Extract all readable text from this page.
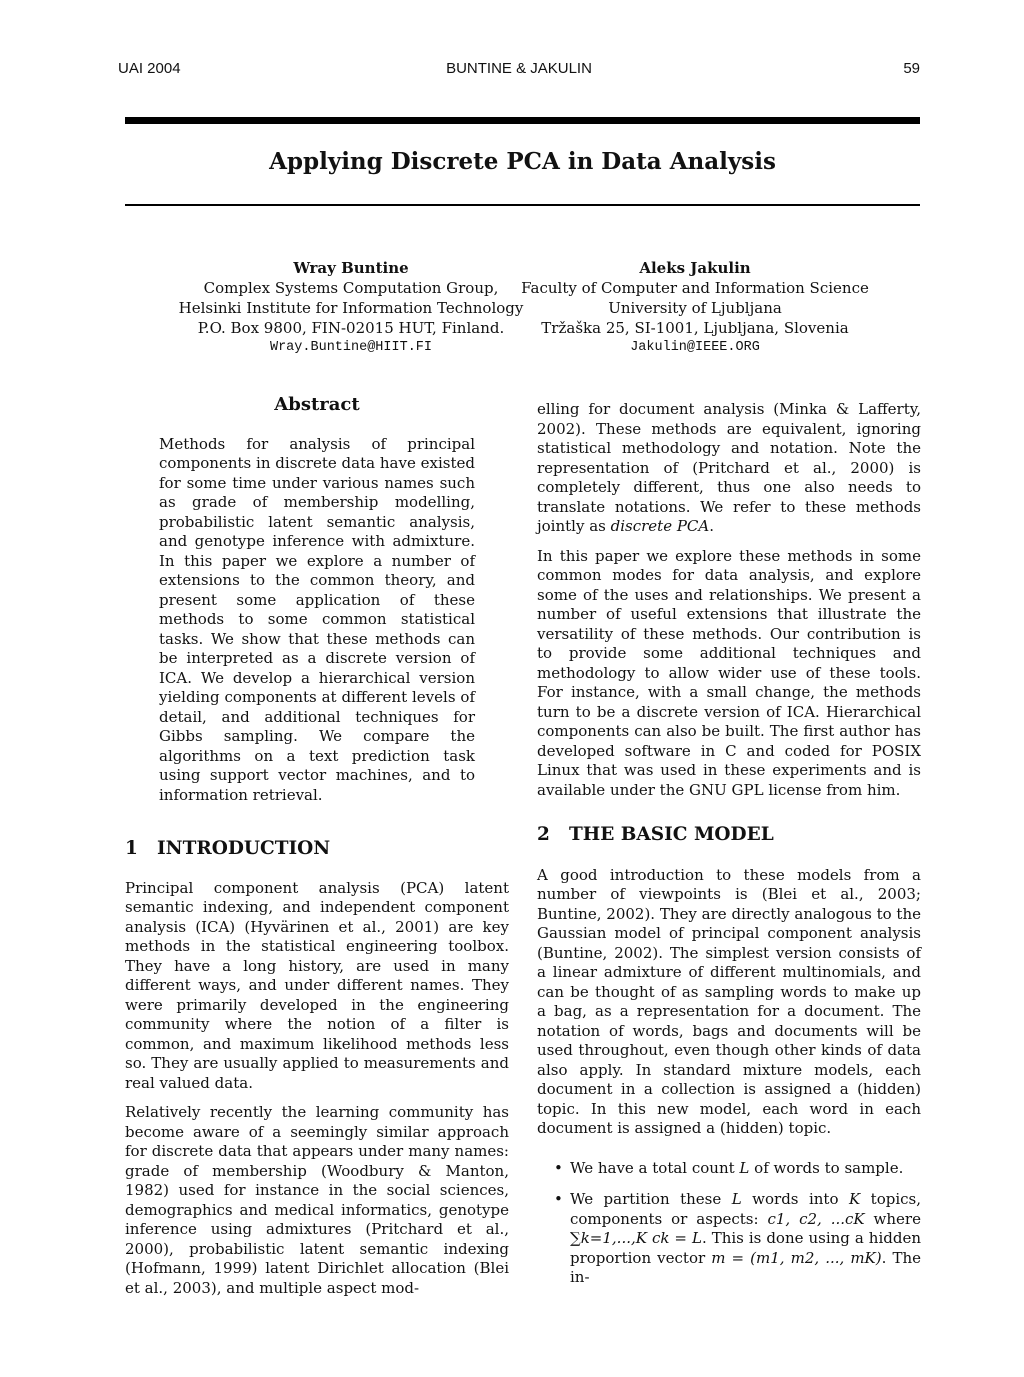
UAI 2004	BUNTINE & JAKULIN	59
Applying Discrete PCA in Data Analysis
Wray Buntine
Complex Systems Computation Group,
Helsinki Institute for Information Technology
P.O. Box 9800, FIN-02015 HUT, Finland.
Wray.Buntine@HIIT.FI
Aleks Jakulin
Faculty of Computer and Information Science
University of Ljubljana
Tržaška 25, SI-1001, Ljubljana, Slovenia
Jakulin@IEEE.ORG
Abstract

Methods for analysis of principal components in discrete data have existed for some time under various names such as grade of membership modelling, probabilistic latent semantic analysis, and genotype inference with admixture. In this paper we explore a number of extensions to the common theory, and present some application of these methods to some common statistical tasks. We show that these methods can be interpreted as a discrete version of ICA. We develop a hierarchical version yielding components at different levels of detail, and additional techniques for Gibbs sampling. We compare the algorithms on a text prediction task using support vector machines, and to information retrieval.

1 INTRODUCTION

Principal component analysis (PCA) latent semantic indexing, and independent component analysis (ICA) (Hyvärinen et al., 2001) are key methods in the statistical engineering toolbox. They have a long history, are used in many different ways, and under different names. They were primarily developed in the engineering community where the notion of a filter is common, and maximum likelihood methods less so. They are usually applied to measurements and real valued data.

Relatively recently the learning community has become aware of a seemingly similar approach for discrete data that appears under many names: grade of membership (Woodbury & Manton, 1982) used for instance in the social sciences, demographics and medical informatics, genotype inference using admixtures (Pritchard et al., 2000), probabilistic latent semantic indexing (Hofmann, 1999) latent Dirichlet allocation (Blei et al., 2003), and multiple aspect mod-

elling for document analysis (Minka & Lafferty, 2002). These methods are equivalent, ignoring statistical methodology and notation. Note the representation of (Pritchard et al., 2000) is completely different, thus one also needs to translate notations. We refer to these methods jointly as discrete PCA.

In this paper we explore these methods in some common modes for data analysis, and explore some of the uses and relationships. We present a number of useful extensions that illustrate the versatility of these methods. Our contribution is to provide some additional techniques and methodology to allow wider use of these tools. For instance, with a small change, the methods turn to be a discrete version of ICA. Hierarchical components can also be built. The first author has developed software in C and coded for POSIX Linux that was used in these experiments and is available under the GNU GPL license from him.

2 THE BASIC MODEL

A good introduction to these models from a number of viewpoints is (Blei et al., 2003; Buntine, 2002). They are directly analogous to the Gaussian model of principal component analysis (Buntine, 2002). The simplest version consists of a linear admixture of different multinomials, and can be thought of as sampling words to make up a bag, as a representation for a document. The notation of words, bags and documents will be used throughout, even though other kinds of data also apply. In standard mixture models, each document in a collection is assigned a (hidden) topic. In this new model, each word in each document is assigned a (hidden) topic.

• We have a total count L of words to sample.
• We partition these L words into K topics, components or aspects: c1, c2, ...cK where ∑k=1,...,K ck = L. This is done using a hidden proportion vector m = (m1, m2, ..., mK). The in-
